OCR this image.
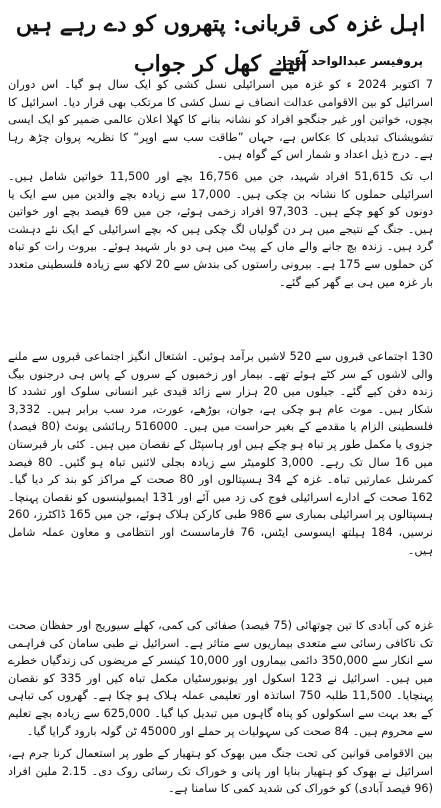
اہل غزہ کی قربانی: پتھروں کو دے رہے ہیں آئینے کھل کر جواب
پروفیسر عبدالواحد سجاد

7 اکتوبر 2024 ء کو غزہ میں اسرائیلی نسل کشی کو ایک سال ہو گیا۔ اس دوران اسرائیل کو بین الاقوامی عدالت انصاف نے نسل کشی کا مرتکب بھی قرار دیا۔ اسرائیل کا بچوں، خواتین اور غیر جنگجو افراد کو نشانہ بنانے کا کھلا اعلان عالمی ضمیر کو ایک ایسی تشویشناک تبدیلی کا عکاس ہے، جہاں ”طاقت سب سے اوپر“ کا نظریہ پروان چڑھ رہا ہے۔ درج ذیل اعداد و شمار اس کے گواہ ہیں۔

اب تک 51,615 افراد شہید، جن میں 16,756 بچے اور 11,500 خواتین شامل ہیں۔ اسرائیلی حملوں کا نشانہ بن چکی ہیں۔ 17,000 سے زیادہ بچے والدین میں سے ایک یا دونوں کو کھو چکے ہیں۔ 97,303 افراد زخمی ہوئے، جن میں 69 فیصد بچے اور خواتین ہیں۔ جنگ کے نتیجے میں ہر دن گولیاں لگ چکی ہیں کہ بچے اسرائیلی کے ایک نئے دہشت گرد ہیں۔ زندہ بچ جانے والے ماں کے پیٹ میں ہی دو بار شہید ہوئے۔ بیروت رات کو تباہ کن حملوں سے 175 ہے۔ بیرونی راستوں کی بندش سے 20 لاکھ سے زیادہ فلسطینی متعدد بار غزہ میں ہی بے گھر کیے گئے۔

130 اجتماعی قبروں سے 520 لاشیں برآمد ہوئیں۔ اشتعال انگیز اجتماعی قبروں سے ملنے والی لاشوں کے سر کٹے ہوئے تھے۔ بیمار اور زخمیوں کے سروں کے پاس ہی درجنوں بیگ زندہ دفن کیے گئے۔ جیلوں میں 20 ہزار سے زائد قیدی غیر انسانی سلوک اور تشدد کا شکار ہیں۔ موت عام ہو چکی ہے، جوان، بوڑھے، عورت، مرد سب برابر ہیں۔ 3,332 فلسطینی الزام یا مقدمے کے بغیر حراست میں ہیں۔ 516000 رہائشی یونٹ (80 فیصد) جزوی یا مکمل طور پر تباہ ہو چکے ہیں اور ہاسپٹل کے نقصان میں ہیں۔ کئی بار قبرستان میں 16 سال تک رہے۔ 3,000 کلومیٹر سے زیادہ بجلی لائنیں تباہ ہو گئیں۔ 80 فیصد کمرشل عمارتیں تباہ۔ غزہ کے 34 ہسپتالوں اور 80 صحت کے مراکز کو بند کر دیا گیا۔ 162 صحت کے ادارے اسرائیلی فوج کی زد میں آئے اور 131 ایمبولینسوں کو نقصان پہنچا۔ ہسپتالوں پر اسرائیلی بمباری سے 986 طبی کارکن ہلاک ہوئے، جن میں 165 ڈاکٹرز، 260 نرسیں، 184 ہیلتھ ایسوسی ایٹس، 76 فارماسسٹ اور انتظامی و معاون عملہ شامل ہیں۔

غزہ کی آبادی کا تین چوتھائی (75 فیصد) صفائی کی کمی، کھلے سیوریج اور حفظان صحت تک ناکافی رسائی سے متعدی بیماریوں سے متاثر ہے۔ اسرائیل نے طبی سامان کی فراہمی سے انکار سے 350,000 دائمی بیماروں اور 10,000 کینسر کے مریضوں کی زندگیاں خطرے میں ہیں۔ اسرائیل نے 123 اسکول اور یونیورسٹیاں مکمل تباہ کیں اور 335 کو نقصان پہنچایا۔ 11,500 طلبہ 750 اساتذہ اور تعلیمی عملہ ہلاک ہو چکا ہے۔ گھروں کی تباہی کے بعد بہت سے اسکولوں کو پناہ گاہوں میں تبدیل کیا گیا۔ 625,000 سے زیادہ بچے تعلیم سے محروم ہیں۔ 84 صحت کی سہولیات پر حملے اور 45000 ٹن گولہ بارود گرایا گیا۔

بین الاقوامی قوانین کی تحت جنگ میں بھوک کو ہتھیار کے طور پر استعمال کرنا جرم ہے، اسرائیل نے بھوک کو ہتھیار بنایا اور پانی و خوراک تک رسائی روک دی۔ 2.15 ملین افراد (96 فیصد آبادی) کو خوراک کی شدید کمی کا سامنا ہے۔
